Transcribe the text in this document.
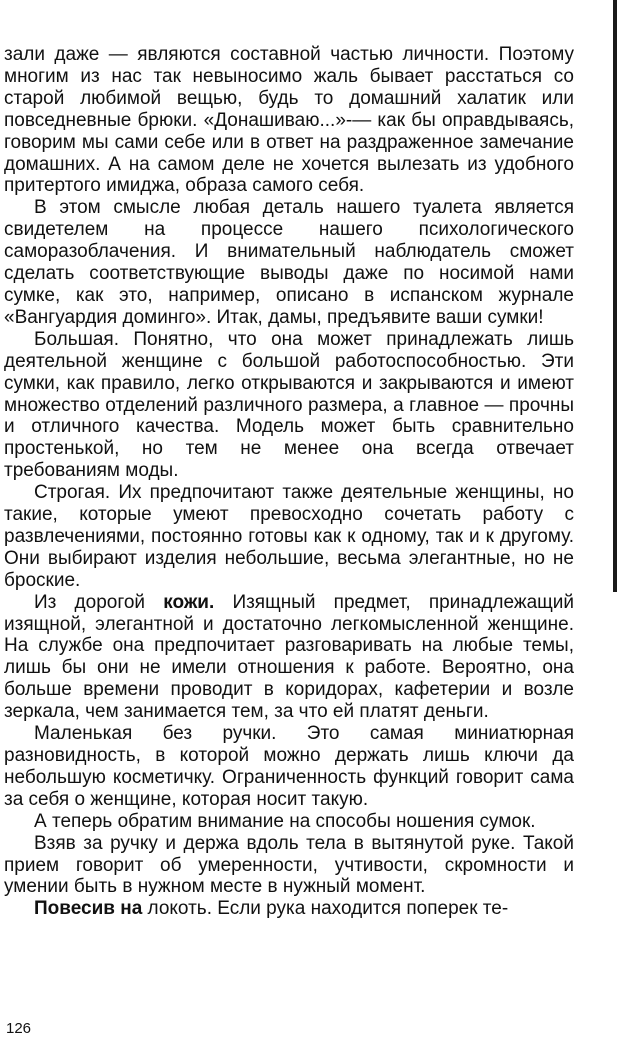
зали даже — являются составной частью личности. Поэтому многим из нас так невыносимо жаль бывает расстаться со старой любимой вещью, будь то домашний халатик или повседневные брюки. «Донашиваю...»-— как бы оправдываясь, говорим мы сами себе или в ответ на раздраженное замечание домашних. А на самом деле не хочется вылезать из удобного притертого имиджа, образа самого себя.

В этом смысле любая деталь нашего туалета является свидетелем на процессе нашего психологического саморазоблачения. И внимательный наблюдатель сможет сделать соответствующие выводы даже по носимой нами сумке, как это, например, описано в испанском журнале «Вангуардия доминго». Итак, дамы, предъявите ваши сумки!

Большая. Понятно, что она может принадлежать лишь деятельной женщине с большой работоспособностью. Эти сумки, как правило, легко открываются и закрываются и имеют множество отделений различного размера, а главное — прочны и отличного качества. Модель может быть сравнительно простенькой, но тем не менее она всегда отвечает требованиям моды.

Строгая. Их предпочитают также деятельные женщины, но такие, которые умеют превосходно сочетать работу с развлечениями, постоянно готовы как к одному, так и к другому. Они выбирают изделия небольшие, весьма элегантные, но не броские.

Из дорогой кожи. Изящный предмет, принадлежащий изящной, элегантной и достаточно легкомысленной женщине. На службе она предпочитает разговаривать на любые темы, лишь бы они не имели отношения к работе. Вероятно, она больше времени проводит в коридорах, кафетерии и возле зеркала, чем занимается тем, за что ей платят деньги.

Маленькая без ручки. Это самая миниатюрная разновидность, в которой можно держать лишь ключи да небольшую косметичку. Ограниченность функций говорит сама за себя о женщине, которая носит такую.

А теперь обратим внимание на способы ношения сумок.

Взяв за ручку и держа вдоль тела в вытянутой руке. Такой прием говорит об умеренности, учтивости, скромности и умении быть в нужном месте в нужный момент.

Повесив на локоть. Если рука находится поперек те-

126
